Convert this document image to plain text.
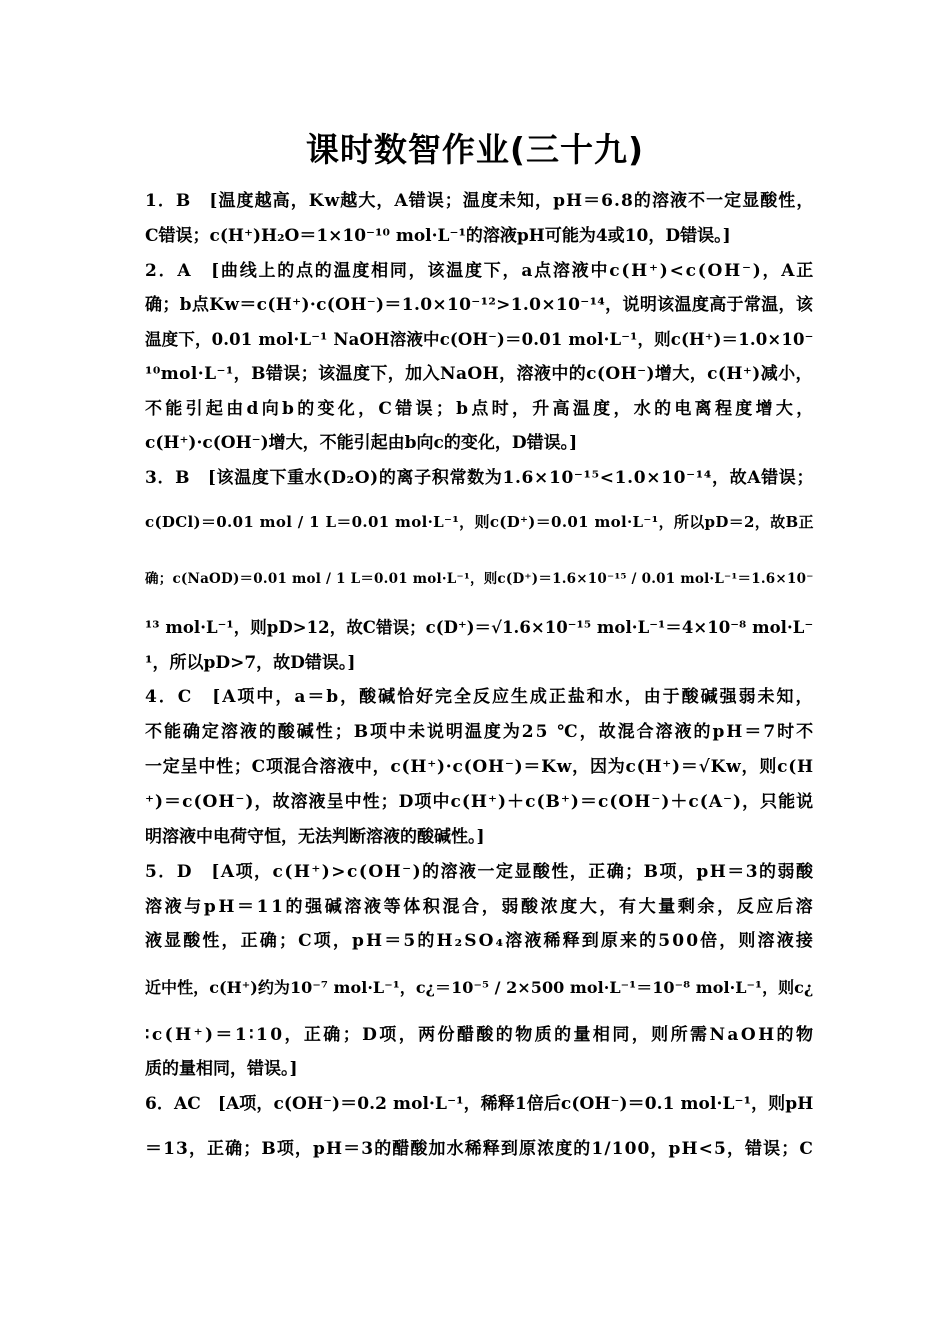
课时数智作业(三十九)
1．B　[温度越高，Kw越大，A错误；温度未知，pH＝6.8的溶液不一定显酸性，
C错误；c(H⁺)H₂O＝1×10⁻¹⁰ mol·L⁻¹的溶液pH可能为4或10，D错误。]
2．A　[曲线上的点的温度相同，该温度下，a点溶液中c(H⁺)<c(OH⁻)，A正
确；b点Kw＝c(H⁺)·c(OH⁻)＝1.0×10⁻¹²>1.0×10⁻¹⁴，说明该温度高于常温，该
温度下，0.01 mol·L⁻¹ NaOH溶液中c(OH⁻)＝0.01 mol·L⁻¹，则c(H⁺)＝1.0×10⁻
¹⁰mol·L⁻¹，B错误；该温度下，加入NaOH，溶液中的c(OH⁻)增大，c(H⁺)减小，
不能引起由d向b的变化，C错误；b点时，升高温度，水的电离程度增大，
c(H⁺)·c(OH⁻)增大，不能引起由b向c的变化，D错误。]
3．B　[该温度下重水(D₂O)的离子积常数为1.6×10⁻¹⁵<1.0×10⁻¹⁴，故A错误；
c(DCl)＝0.01 mol / 1 L＝0.01 mol·L⁻¹，则c(D⁺)＝0.01 mol·L⁻¹，所以pD＝2，故B正
确；c(NaOD)＝0.01 mol / 1 L＝0.01 mol·L⁻¹，则c(D⁺)＝1.6×10⁻¹⁵ / 0.01 mol·L⁻¹＝1.6×10⁻
¹³ mol·L⁻¹，则pD>12，故C错误；c(D⁺)＝√1.6×10⁻¹⁵ mol·L⁻¹＝4×10⁻⁸ mol·L⁻
¹，所以pD>7，故D错误。]
4．C　[A项中，a＝b，酸碱恰好完全反应生成正盐和水，由于酸碱强弱未知，
不能确定溶液的酸碱性；B项中未说明温度为25 ℃，故混合溶液的pH＝7时不
一定呈中性；C项混合溶液中，c(H⁺)·c(OH⁻)＝Kw，因为c(H⁺)＝√Kw，则c(H
⁺)＝c(OH⁻)，故溶液呈中性；D项中c(H⁺)＋c(B⁺)＝c(OH⁻)＋c(A⁻)，只能说
明溶液中电荷守恒，无法判断溶液的酸碱性。]
5．D　[A项，c(H⁺)>c(OH⁻)的溶液一定显酸性，正确；B项，pH＝3的弱酸
溶液与pH＝11的强碱溶液等体积混合，弱酸浓度大，有大量剩余，反应后溶
液显酸性，正确；C项，pH＝5的H₂SO₄溶液稀释到原来的500倍，则溶液接
近中性，c(H⁺)约为10⁻⁷ mol·L⁻¹，c¿＝10⁻⁵ / 2×500 mol·L⁻¹＝10⁻⁸ mol·L⁻¹，则c¿
∶c(H⁺)＝1∶10，正确；D项，两份醋酸的物质的量相同，则所需NaOH的物
质的量相同，错误。]
6．AC　[A项，c(OH⁻)＝0.2 mol·L⁻¹，稀释1倍后c(OH⁻)＝0.1 mol·L⁻¹，则pH
＝13，正确；B项，pH＝3的醋酸加水稀释到原浓度的1/100，pH<5，错误；C
